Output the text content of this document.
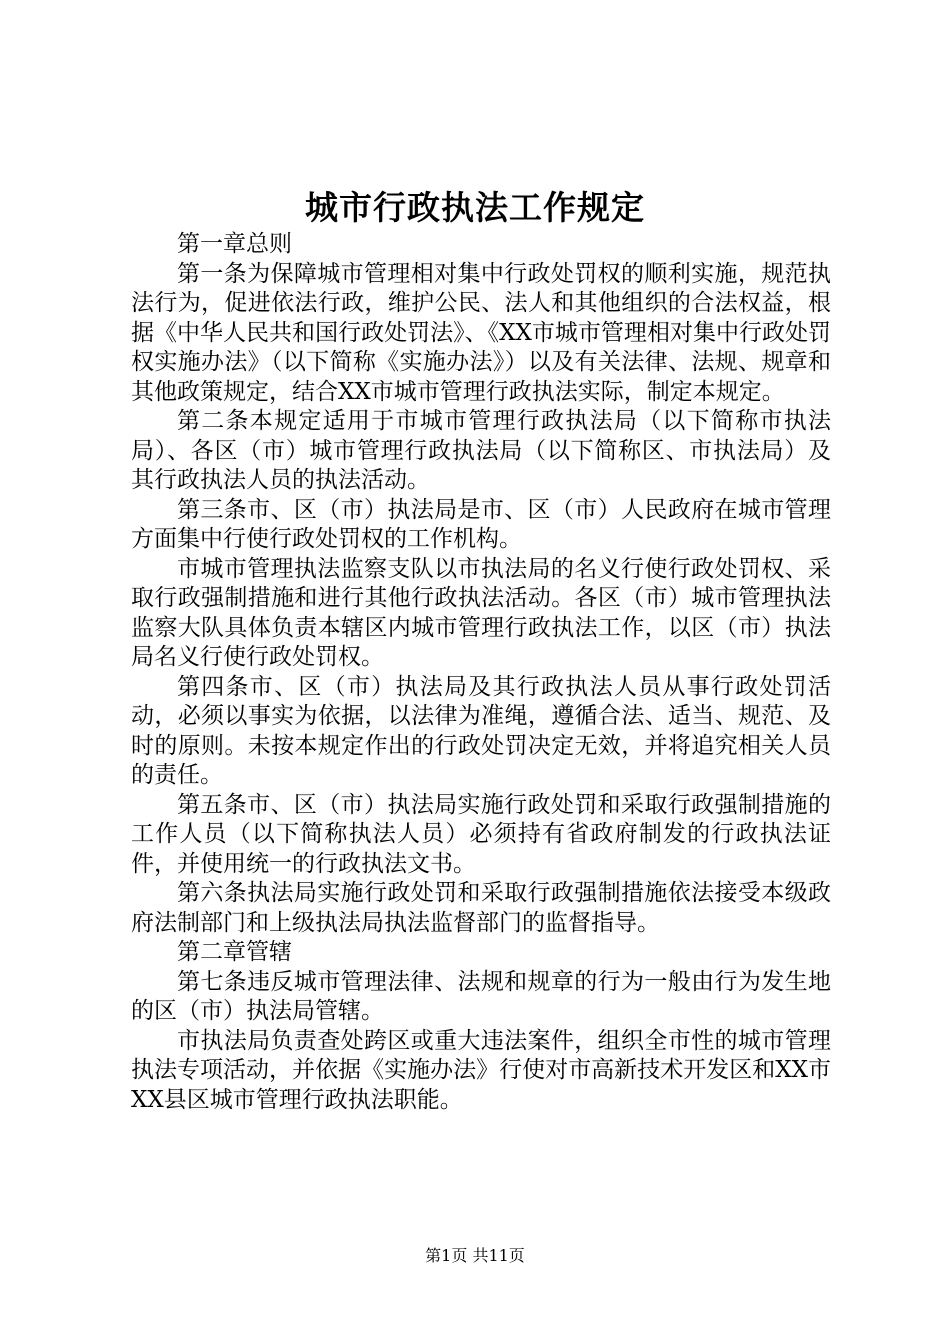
城市行政执法工作规定

第一章总则

第一条为保障城市管理相对集中行政处罚权的顺利实施，规范执法行为，促进依法行政，维护公民、法人和其他组织的合法权益，根据《中华人民共和国行政处罚法》、《XX市城市管理相对集中行政处罚权实施办法》（以下简称《实施办法》）以及有关法律、法规、规章和其他政策规定，结合XX市城市管理行政执法实际，制定本规定。

第二条本规定适用于市城市管理行政执法局（以下简称市执法局）、各区（市）城市管理行政执法局（以下简称区、市执法局）及其行政执法人员的执法活动。

第三条市、区（市）执法局是市、区（市）人民政府在城市管理方面集中行使行政处罚权的工作机构。

市城市管理执法监察支队以市执法局的名义行使行政处罚权、采取行政强制措施和进行其他行政执法活动。各区（市）城市管理执法监察大队具体负责本辖区内城市管理行政执法工作，以区（市）执法局名义行使行政处罚权。

第四条市、区（市）执法局及其行政执法人员从事行政处罚活动，必须以事实为依据，以法律为准绳，遵循合法、适当、规范、及时的原则。未按本规定作出的行政处罚决定无效，并将追究相关人员的责任。

第五条市、区（市）执法局实施行政处罚和采取行政强制措施的工作人员（以下简称执法人员）必须持有省政府制发的行政执法证件，并使用统一的行政执法文书。

第六条执法局实施行政处罚和采取行政强制措施依法接受本级政府法制部门和上级执法局执法监督部门的监督指导。

第二章管辖

第七条违反城市管理法律、法规和规章的行为一般由行为发生地的区（市）执法局管辖。

市执法局负责查处跨区或重大违法案件，组织全市性的城市管理执法专项活动，并依据《实施办法》行使对市高新技术开发区和XX市XX县区城市管理行政执法职能。

第1页 共11页
